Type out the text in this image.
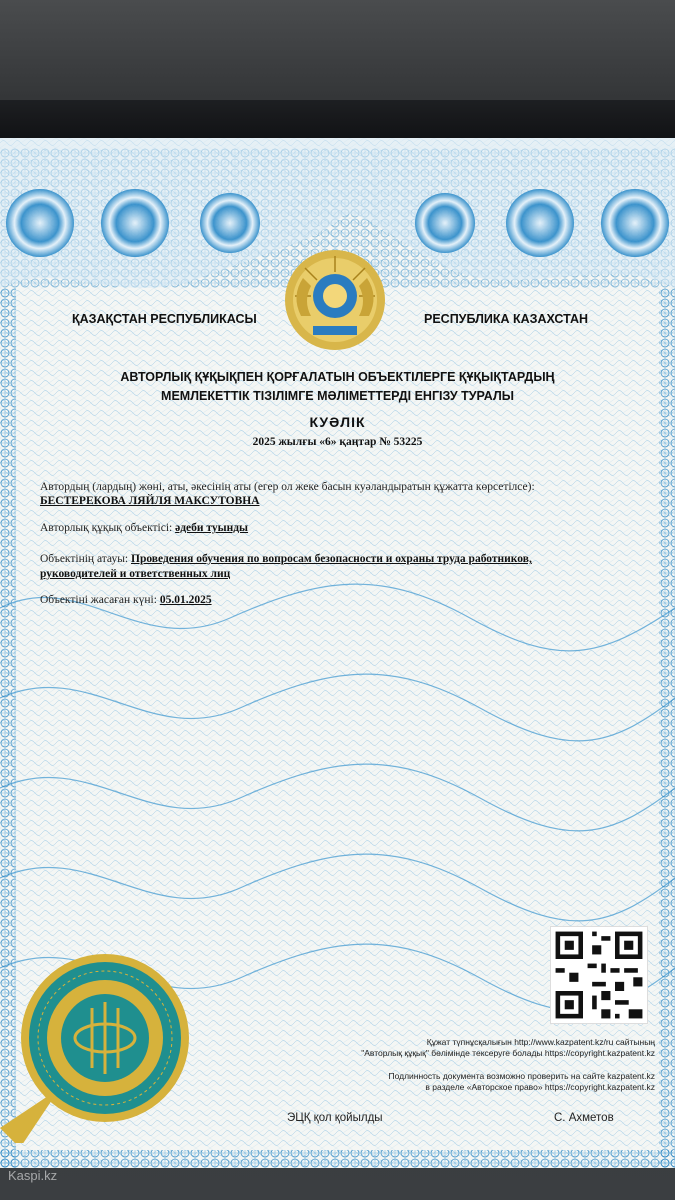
ҚАЗАҚСТАН РЕСПУБЛИКАСЫ	РЕСПУБЛИКА КАЗАХСТАН
АВТОРЛЫҚ ҚҰҚЫҚПЕН ҚОРҒАЛАТЫН ОБЪЕКТІЛЕРГЕ ҚҰҚЫҚТАРДЫҢ
МЕМЛЕКЕТТІК ТІЗІЛІМГЕ МӘЛІМЕТТЕРДІ ЕНГІЗУ ТУРАЛЫ
КУӘЛІК
2025 жылғы «6» қаңтар № 53225
Автордың (лардың) жөні, аты, әкесінің аты (егер ол жеке басын куәландыратын құжатта көрсетілсе):
БЕСТЕРЕКОВА ЛЯЙЛЯ МАКСУТОВНА
Авторлық құқық объектісі: әдеби туынды
Объектінің атауы: Проведения обучения по вопросам безопасности и охраны труда работников,
руководителей и ответственных лиц
Объектіні жасаған күні: 05.01.2025
Құжат түпнұсқалығын http://www.kazpatent.kz/ru сайтының
"Авторлық құқық" бөлімінде тексеруге болады https://copyright.kazpatent.kz
Подлинность документа возможно проверить на сайте kazpatent.kz
в разделе «Авторское право» https://copyright.kazpatent.kz
ЭЦҚ қол қойылды	С. Ахметов
Kaspi.kz
